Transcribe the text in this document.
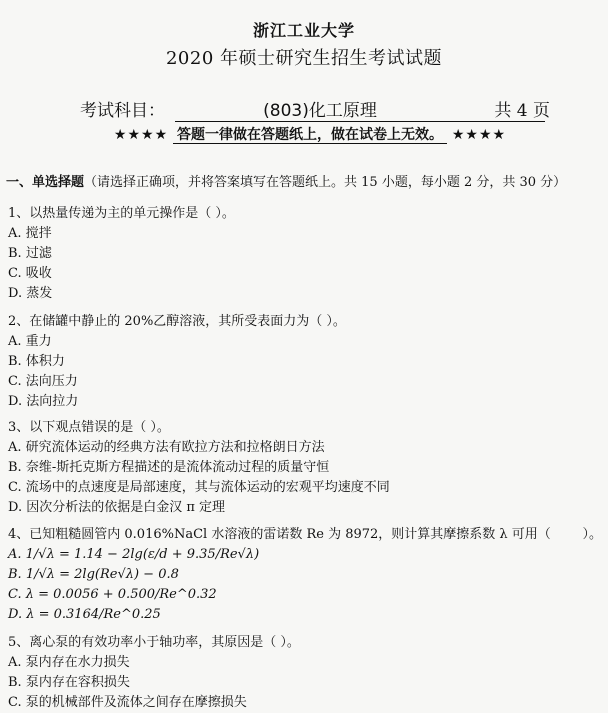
浙江工业大学
2020 年硕士研究生招生考试试题
考试科目：	(803)化工原理	共 4 页
★★★★ 答题一律做在答题纸上，做在试卷上无效。 ★★★★
一、单选择题（请选择正确项，并将答案填写在答题纸上。共 15 小题，每小题 2 分，共 30 分）
1、以热量传递为主的单元操作是（ ）。
A. 搅拌
B. 过滤
C. 吸收
D. 蒸发
2、在储罐中静止的 20%乙醇溶液，其所受表面力为（ ）。
A. 重力
B. 体积力
C. 法向压力
D. 法向拉力
3、以下观点错误的是（ ）。
A. 研究流体运动的经典方法有欧拉方法和拉格朗日方法
B. 奈维-斯托克斯方程描述的是流体流动过程的质量守恒
C. 流场中的点速度是局部速度，其与流体运动的宏观平均速度不同
D. 因次分析法的依据是白金汉 π 定理
4、已知粗糙圆管内 0.016%NaCl 水溶液的雷诺数 Re 为 8972，则计算其摩擦系数 λ 可用（ ）。
A. 1/√λ = 1.14 − 2lg(ε/d + 9.35/Re√λ)
B. 1/√λ = 2lg(Re√λ) − 0.8
C. λ = 0.0056 + 0.500/Re^0.32
D. λ = 0.3164/Re^0.25
5、离心泵的有效功率小于轴功率，其原因是（ ）。
A. 泵内存在水力损失
B. 泵内存在容积损失
C. 泵的机械部件及流体之间存在摩擦损失
